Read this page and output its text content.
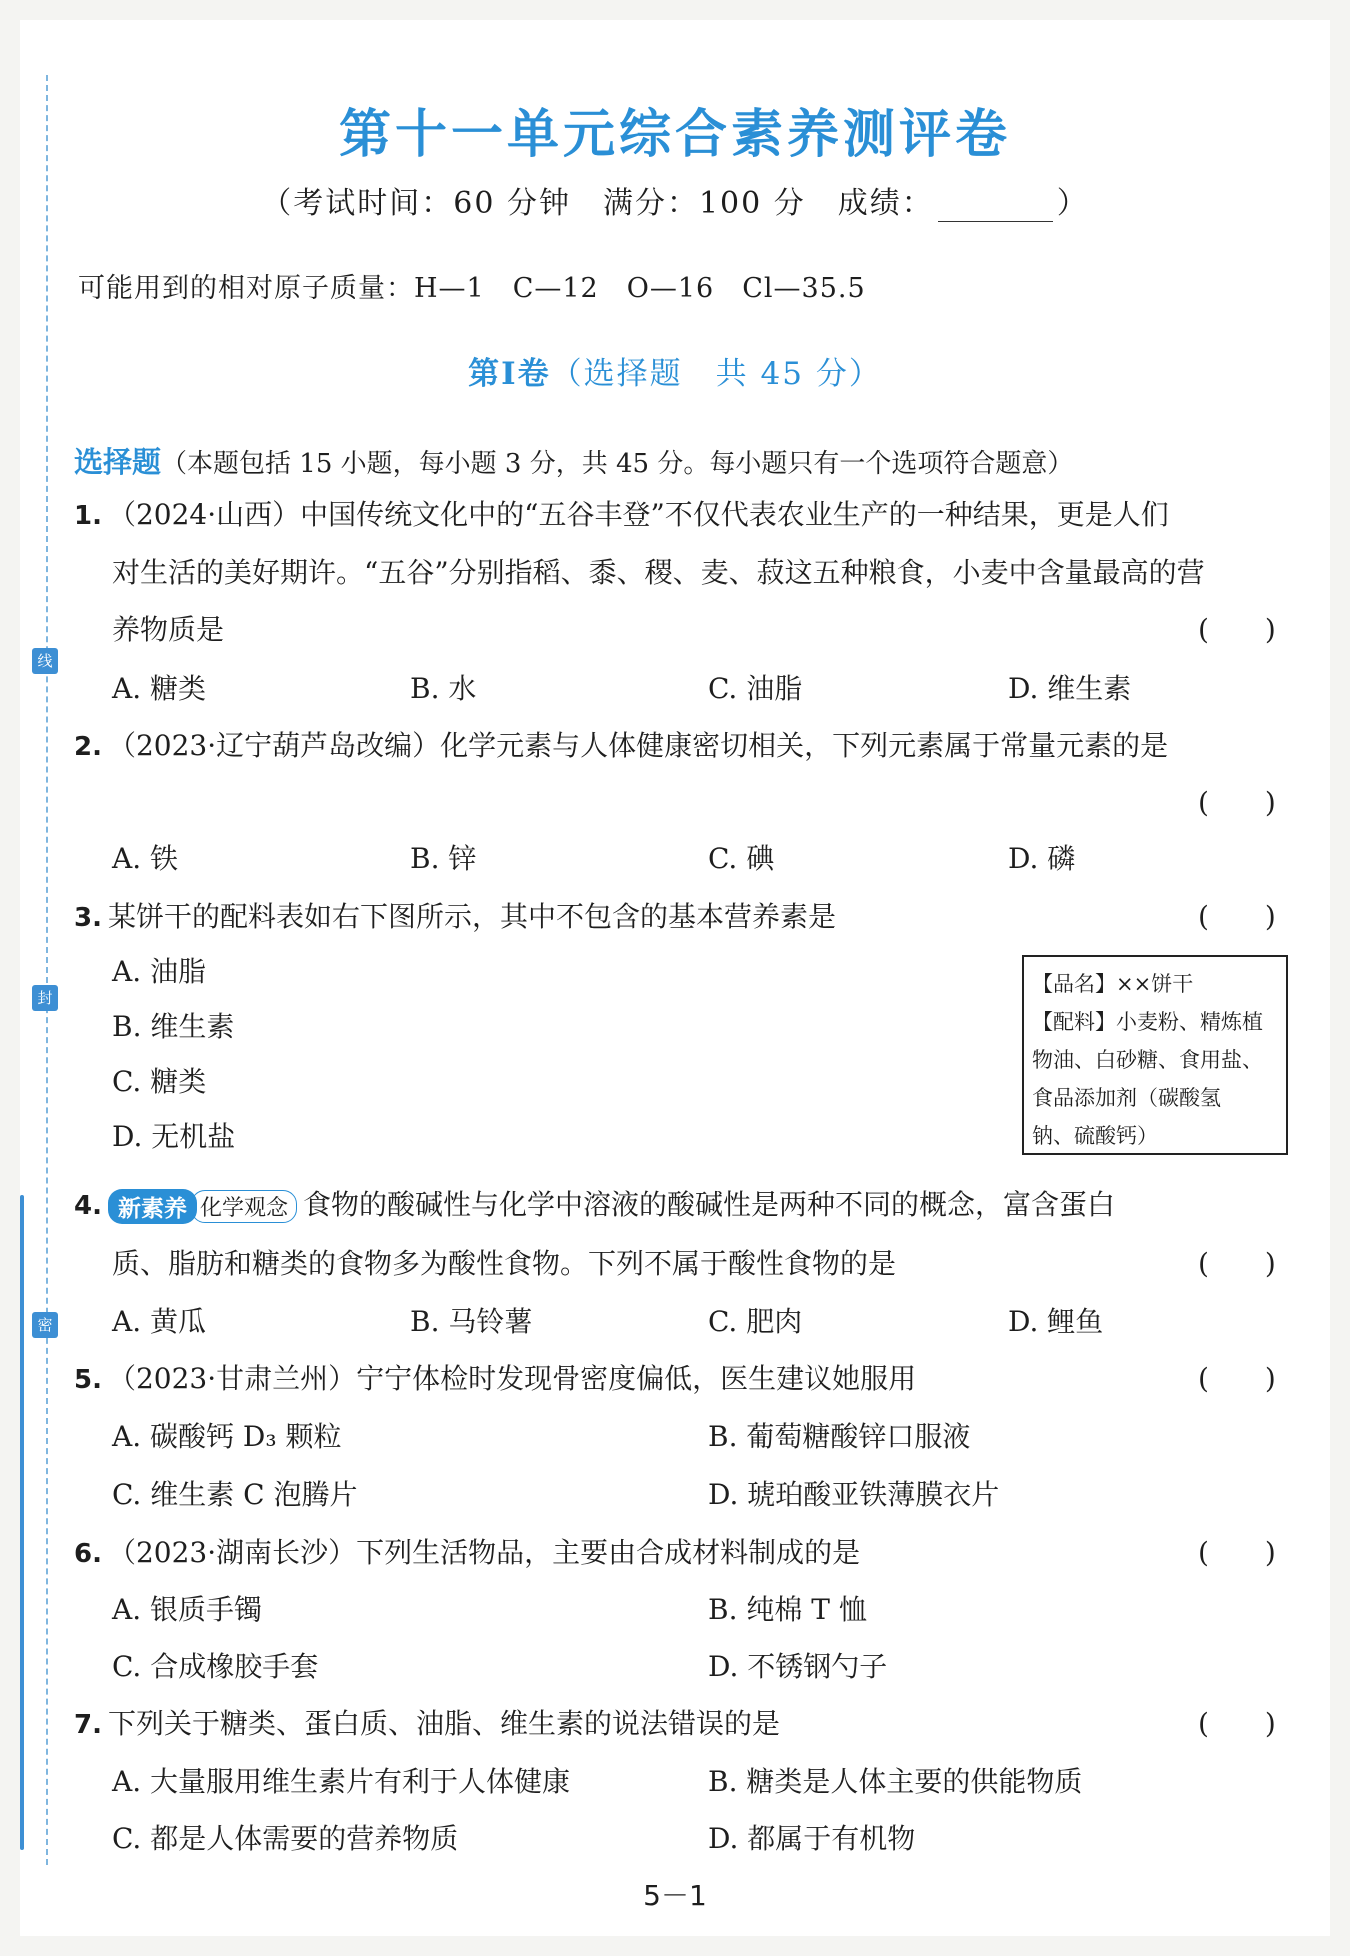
线
封
密
第十一单元综合素养测评卷
（考试时间：60 分钟　满分：100 分　成绩：	）
可能用到的相对原子质量：H—1　C—12　O—16　Cl—35.5
第Ⅰ卷（选择题　共 45 分）
选择题（本题包括 15 小题，每小题 3 分，共 45 分。每小题只有一个选项符合题意）
1. （2024·山西）中国传统文化中的“五谷丰登”不仅代表农业生产的一种结果，更是人们
对生活的美好期许。“五谷”分别指稻、黍、稷、麦、菽这五种粮食，小麦中含量最高的营
养物质是	(　　)
A. 糖类	B. 水	C. 油脂	D. 维生素
2. （2023·辽宁葫芦岛改编）化学元素与人体健康密切相关，下列元素属于常量元素的是
(　　)
A. 铁	B. 锌	C. 碘	D. 磷
3. 某饼干的配料表如右下图所示，其中不包含的基本营养素是	(　　)
A. 油脂
B. 维生素
C. 糖类
D. 无机盐
【品名】××饼干
【配料】小麦粉、精炼植
物油、白砂糖、食用盐、
食品添加剂（碳酸氢
钠、硫酸钙）
4. 新素养 化学观念 食物的酸碱性与化学中溶液的酸碱性是两种不同的概念，富含蛋白
质、脂肪和糖类的食物多为酸性食物。下列不属于酸性食物的是	(　　)
A. 黄瓜	B. 马铃薯	C. 肥肉	D. 鲤鱼
5. （2023·甘肃兰州）宁宁体检时发现骨密度偏低，医生建议她服用	(　　)
A. 碳酸钙 D₃ 颗粒	B. 葡萄糖酸锌口服液
C. 维生素 C 泡腾片	D. 琥珀酸亚铁薄膜衣片
6. （2023·湖南长沙）下列生活物品，主要由合成材料制成的是	(　　)
A. 银质手镯	B. 纯棉 T 恤
C. 合成橡胶手套	D. 不锈钢勺子
7. 下列关于糖类、蛋白质、油脂、维生素的说法错误的是	(　　)
A. 大量服用维生素片有利于人体健康	B. 糖类是人体主要的供能物质
C. 都是人体需要的营养物质	D. 都属于有机物
5－1
